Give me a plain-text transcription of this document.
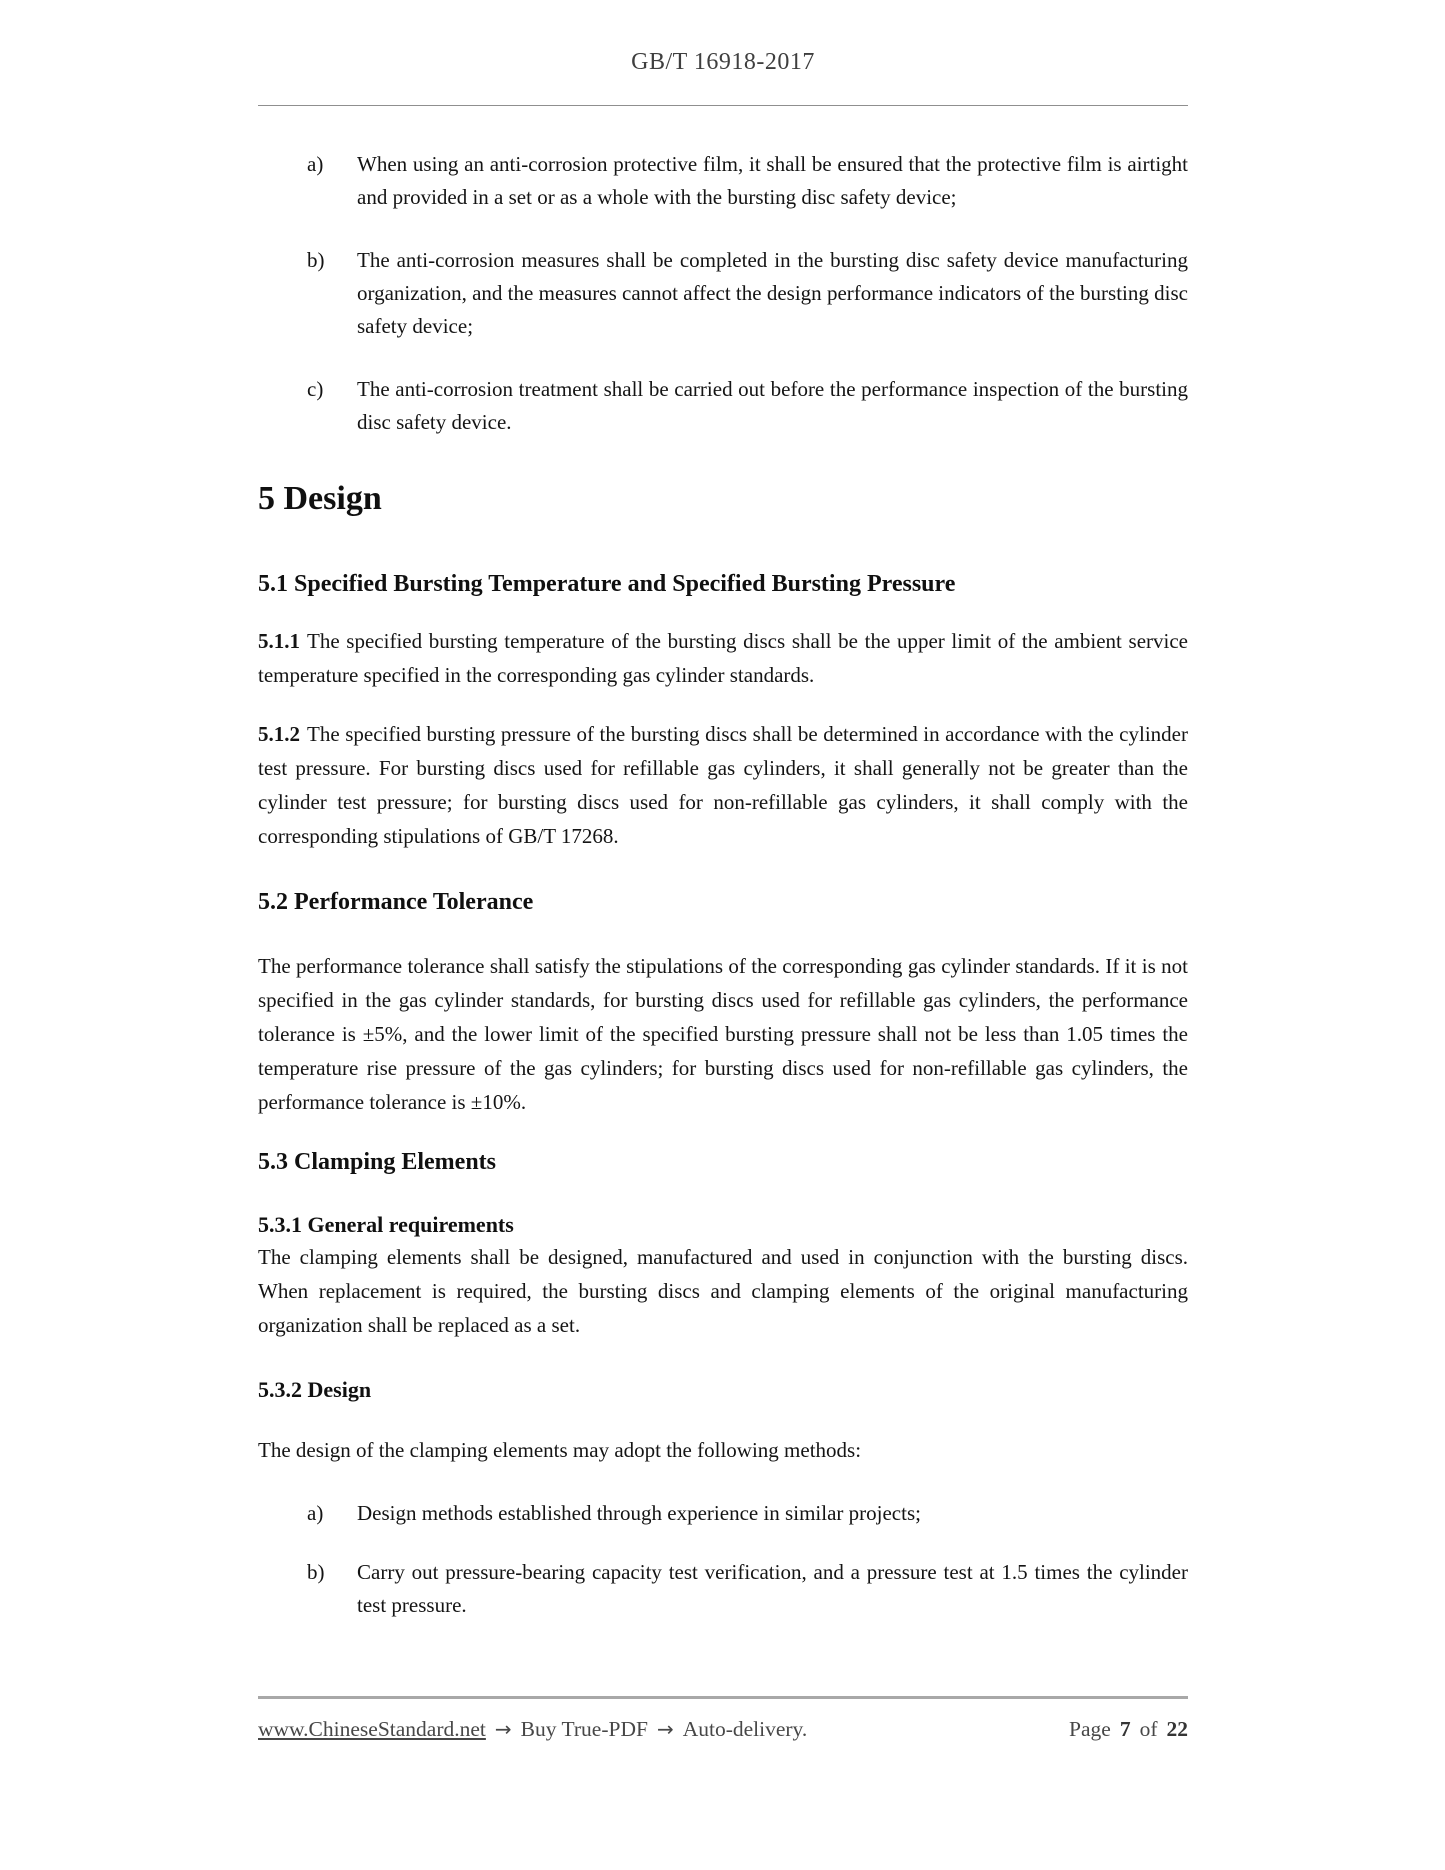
GB/T 16918-2017
a)	When using an anti-corrosion protective film, it shall be ensured that the protective film is airtight and provided in a set or as a whole with the bursting disc safety device;
b)	The anti-corrosion measures shall be completed in the bursting disc safety device manufacturing organization, and the measures cannot affect the design performance indicators of the bursting disc safety device;
c)	The anti-corrosion treatment shall be carried out before the performance inspection of the bursting disc safety device.
5 Design
5.1 Specified Bursting Temperature and Specified Bursting Pressure

5.1.1 The specified bursting temperature of the bursting discs shall be the upper limit of the ambient service temperature specified in the corresponding gas cylinder standards.

5.1.2 The specified bursting pressure of the bursting discs shall be determined in accordance with the cylinder test pressure. For bursting discs used for refillable gas cylinders, it shall generally not be greater than the cylinder test pressure; for bursting discs used for non-refillable gas cylinders, it shall comply with the corresponding stipulations of GB/T 17268.

5.2 Performance Tolerance

The performance tolerance shall satisfy the stipulations of the corresponding gas cylinder standards. If it is not specified in the gas cylinder standards, for bursting discs used for refillable gas cylinders, the performance tolerance is ±5%, and the lower limit of the specified bursting pressure shall not be less than 1.05 times the temperature rise pressure of the gas cylinders; for bursting discs used for non-refillable gas cylinders, the performance tolerance is ±10%.

5.3 Clamping Elements
5.3.1 General requirements

The clamping elements shall be designed, manufactured and used in conjunction with the bursting discs. When replacement is required, the bursting discs and clamping elements of the original manufacturing organization shall be replaced as a set.

5.3.2 Design

The design of the clamping elements may adopt the following methods:

a)	Design methods established through experience in similar projects;
b)	Carry out pressure-bearing capacity test verification, and a pressure test at 1.5 times the cylinder test pressure.
www.ChineseStandard.net → Buy True-PDF → Auto-delivery.	Page 7 of 22
